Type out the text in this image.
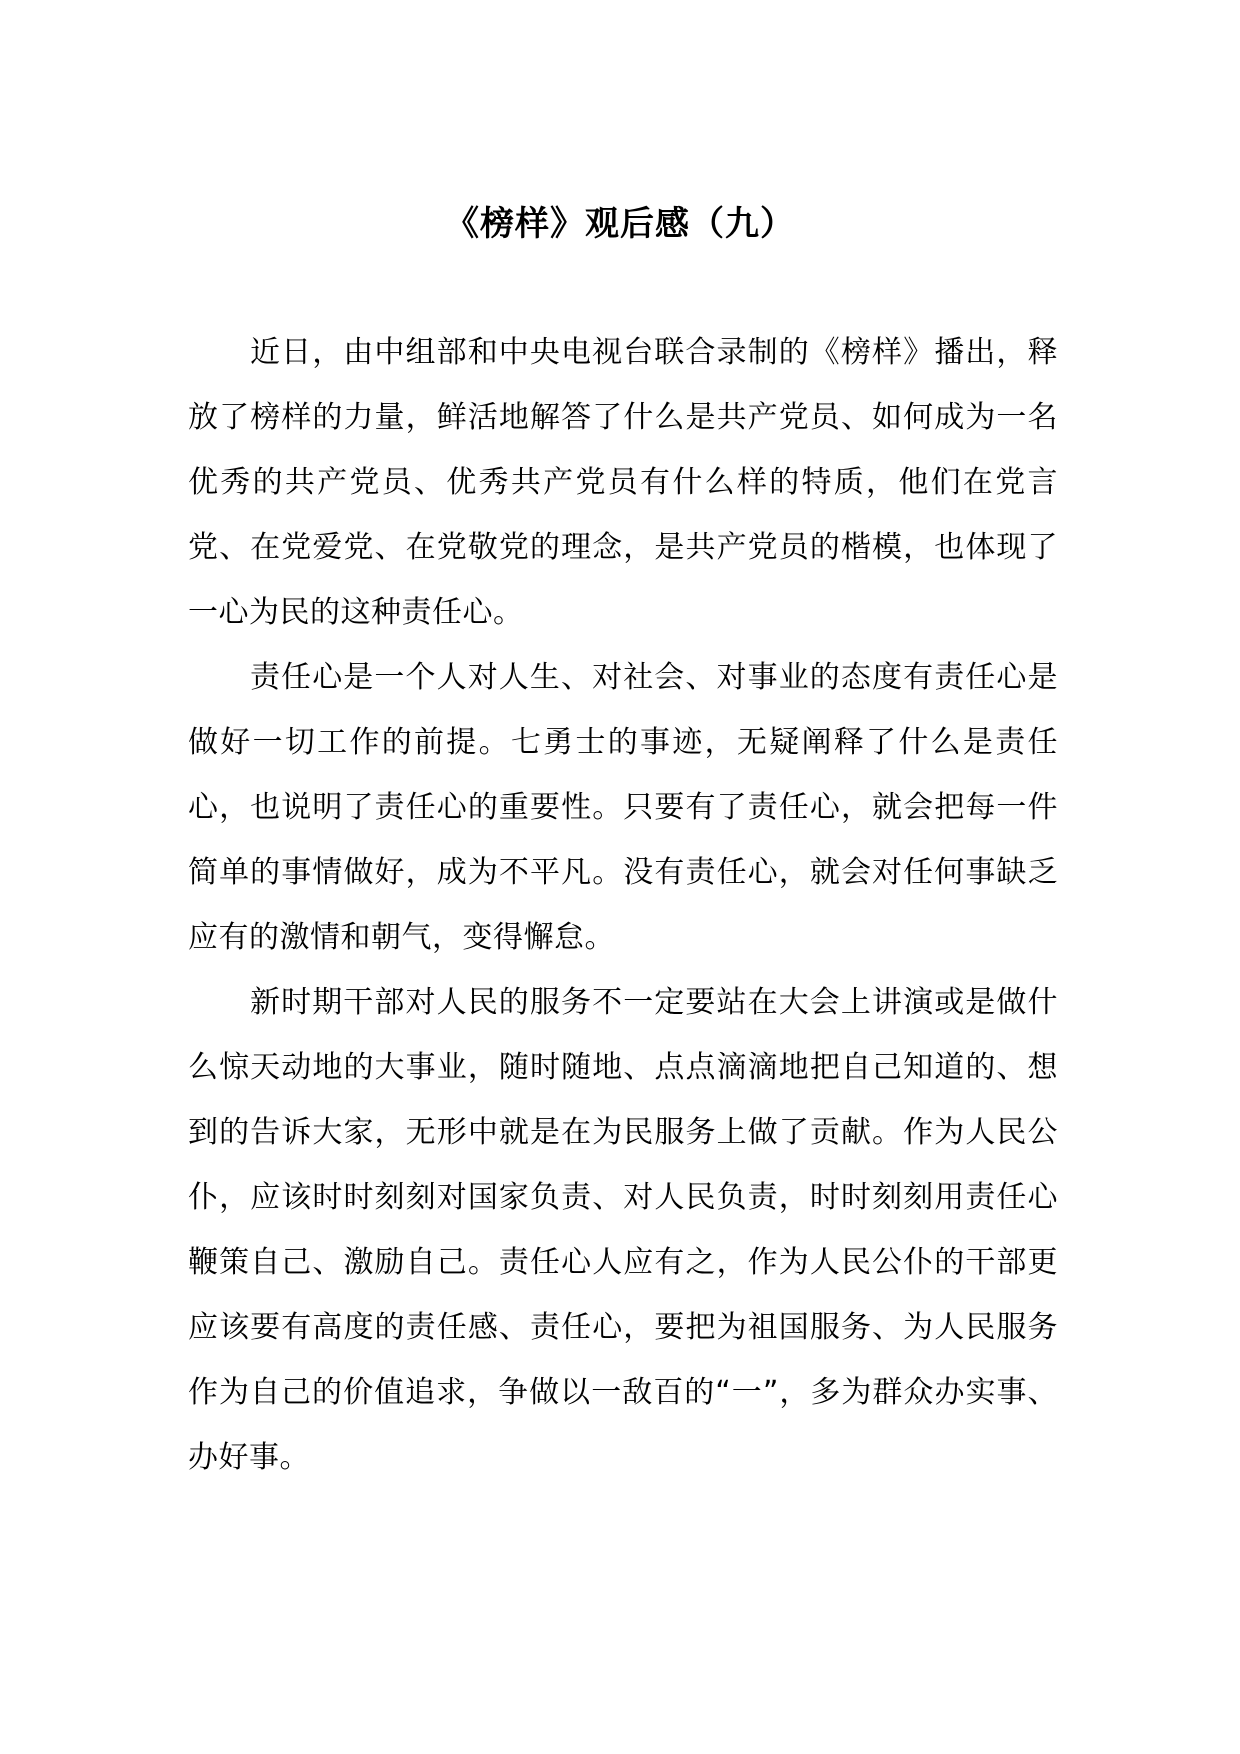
《榜样》观后感（九）

近日，由中组部和中央电视台联合录制的《榜样》播出，释放了榜样的力量，鲜活地解答了什么是共产党员、如何成为一名优秀的共产党员、优秀共产党员有什么样的特质，他们在党言党、在党爱党、在党敬党的理念，是共产党员的楷模，也体现了一心为民的这种责任心。

责任心是一个人对人生、对社会、对事业的态度有责任心是做好一切工作的前提。七勇士的事迹，无疑阐释了什么是责任心，也说明了责任心的重要性。只要有了责任心，就会把每一件简单的事情做好，成为不平凡。没有责任心，就会对任何事缺乏应有的激情和朝气，变得懈怠。

新时期干部对人民的服务不一定要站在大会上讲演或是做什么惊天动地的大事业，随时随地、点点滴滴地把自己知道的、想到的告诉大家，无形中就是在为民服务上做了贡献。作为人民公仆，应该时时刻刻对国家负责、对人民负责，时时刻刻用责任心鞭策自己、激励自己。责任心人应有之，作为人民公仆的干部更应该要有高度的责任感、责任心，要把为祖国服务、为人民服务作为自己的价值追求，争做以一敌百的“一”，多为群众办实事、办好事。
